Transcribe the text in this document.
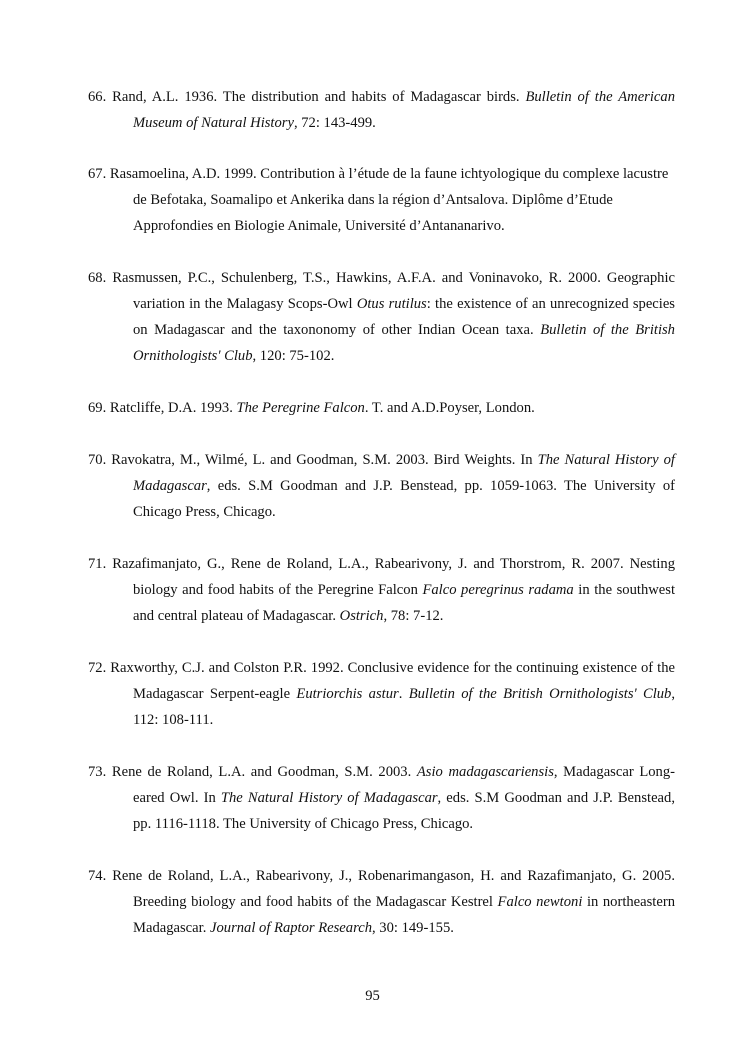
66. Rand, A.L. 1936. The distribution and habits of Madagascar birds. Bulletin of the American Museum of Natural History, 72: 143-499.

67. Rasamoelina, A.D. 1999. Contribution à l’étude de la faune ichtyologique du complexe lacustre de Befotaka, Soamalipo et Ankerika dans la région d’Antsalova. Diplôme d’Etude Approfondies en Biologie Animale, Université d’Antananarivo.

68. Rasmussen, P.C., Schulenberg, T.S., Hawkins, A.F.A. and Voninavoko, R. 2000. Geographic variation in the Malagasy Scops-Owl Otus rutilus: the existence of an unrecognized species on Madagascar and the taxononomy of other Indian Ocean taxa. Bulletin of the British Ornithologists' Club, 120: 75-102.

69. Ratcliffe, D.A. 1993. The Peregrine Falcon. T. and A.D.Poyser, London.

70. Ravokatra, M., Wilmé, L. and Goodman, S.M. 2003. Bird Weights. In The Natural History of Madagascar, eds. S.M Goodman and J.P. Benstead, pp. 1059-1063. The University of Chicago Press, Chicago.

71. Razafimanjato, G., Rene de Roland, L.A., Rabearivony, J. and Thorstrom, R. 2007. Nesting biology and food habits of the Peregrine Falcon Falco peregrinus radama in the southwest and central plateau of Madagascar. Ostrich, 78: 7-12.

72. Raxworthy, C.J. and Colston P.R. 1992. Conclusive evidence for the continuing existence of the Madagascar Serpent-eagle Eutriorchis astur. Bulletin of the British Ornithologists' Club, 112: 108-111.

73. Rene de Roland, L.A. and Goodman, S.M. 2003. Asio madagascariensis, Madagascar Long-eared Owl. In The Natural History of Madagascar, eds. S.M Goodman and J.P. Benstead, pp. 1116-1118. The University of Chicago Press, Chicago.

74. Rene de Roland, L.A., Rabearivony, J., Robenarimangason, H. and Razafimanjato, G. 2005. Breeding biology and food habits of the Madagascar Kestrel Falco newtoni in northeastern Madagascar. Journal of Raptor Research, 30: 149-155.

95
